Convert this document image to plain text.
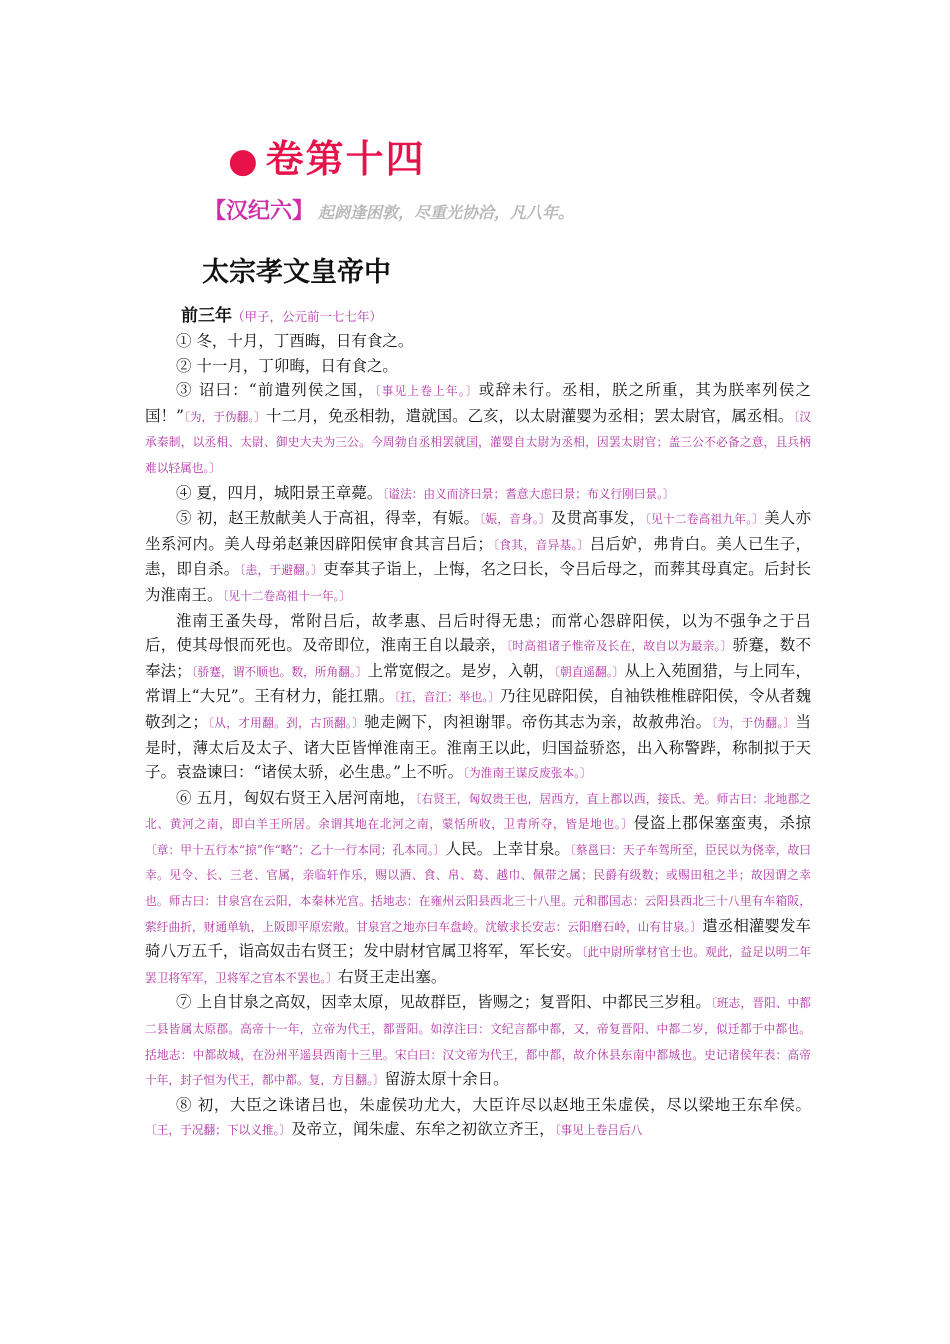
● 卷第十四
【汉纪六】 起阏逢困敦，尽重光协洽，凡八年。
太宗孝文皇帝中
前三年（甲子，公元前一七七年）

① 冬，十月，丁酉晦，日有食之。

② 十一月，丁卯晦，日有食之。

③ 诏曰：“前遣列侯之国，〔事见上卷上年。〕或辞未行。丞相，朕之所重，其为朕率列侯之国！”〔为，于伪翻。〕十二月，免丞相勃，遣就国。乙亥，以太尉灌婴为丞相；罢太尉官，属丞相。〔汉承秦制，以丞相、太尉、御史大夫为三公。今周勃自丞相罢就国，灌婴自太尉为丞相，因罢太尉官；盖三公不必备之意，且兵柄难以轻属也。〕

④ 夏，四月，城阳景王章薨。〔谥法：由义而济曰景；耆意大虑曰景；布义行刚曰景。〕

⑤ 初，赵王敖献美人于高祖，得幸，有娠。〔娠，音身。〕及贯高事发，〔见十二卷高祖九年。〕美人亦坐系河内。美人母弟赵兼因辟阳侯审食其言吕后；〔食其，音异基。〕吕后妒，弗肯白。美人已生子，恚，即自杀。〔恚，于避翻。〕吏奉其子诣上，上悔，名之曰长，令吕后母之，而葬其母真定。后封长为淮南王。〔见十二卷高祖十一年。〕

淮南王蚤失母，常附吕后，故孝惠、吕后时得无患；而常心怨辟阳侯，以为不强争之于吕后，使其母恨而死也。及帝即位，淮南王自以最亲，〔时高祖诸子惟帝及长在，故自以为最亲。〕骄蹇，数不奉法；〔骄蹇，谓不顺也。数，所角翻。〕上常宽假之。是岁，入朝，〔朝直遥翻。〕从上入苑囿猎，与上同车，常谓上“大兄”。王有材力，能扛鼎。〔扛，音江；举也。〕乃往见辟阳侯，自袖铁椎椎辟阳侯，令从者魏敬刭之；〔从，才用翻。刭，古顶翻。〕驰走阙下，肉袒谢罪。帝伤其志为亲，故赦弗治。〔为，于伪翻。〕当是时，薄太后及太子、诸大臣皆惮淮南王。淮南王以此，归国益骄恣，出入称警跸，称制拟于天子。袁盎谏曰：“诸侯太骄，必生患。”上不听。〔为淮南王谋反废张本。〕

⑥ 五月，匈奴右贤王入居河南地，〔右贤王，匈奴贵王也，居西方，直上郡以西，接氐、羌。师古曰：北地郡之北、黄河之南，即白羊王所居。余谓其地在北河之南，蒙恬所收，卫青所夺，皆是地也。〕侵盗上郡保塞蛮夷，杀掠〔章：甲十五行本“掠”作“略”；乙十一行本同；孔本同。〕人民。上幸甘泉。〔蔡邕曰：天子车驾所至，臣民以为侥幸，故曰幸。见令、长、三老、官属，亲临轩作乐，赐以酒、食、帛、葛、越巾、佩带之属；民爵有级数；或赐田租之半；故因谓之幸也。师古曰：甘泉宫在云阳，本秦林光宫。括地志：在雍州云阳县西北三十八里。元和郡国志：云阳县西北三十八里有车箱阪，萦纡曲折，财通单轨，上阪即平原宏敞。甘泉宫之地亦曰车盘岭。沈敏求长安志：云阳磨石岭，山有甘泉。〕遣丞相灌婴发车骑八万五千，诣高奴击右贤王；发中尉材官属卫将军，军长安。〔此中尉所掌材官士也。观此，益足以明二年罢卫将军军，卫将军之官本不罢也。〕右贤王走出塞。

⑦ 上自甘泉之高奴，因幸太原，见故群臣，皆赐之；复晋阳、中都民三岁租。〔班志，晋阳、中都二县皆属太原郡。高帝十一年，立帝为代王，都晋阳。如淳注曰：文纪言都中都，又，帝复晋阳、中都二岁，似迁都于中都也。括地志：中都故城，在汾州平遥县西南十三里。宋白曰：汉文帝为代王，都中都，故介休县东南中都城也。史记诸侯年表：高帝十年，封子恒为代王，都中都。复，方目翻。〕留游太原十余日。

⑧ 初，大臣之诛诸吕也，朱虚侯功尤大，大臣许尽以赵地王朱虚侯，尽以梁地王东牟侯。〔王，于况翻；下以义推。〕及帝立，闻朱虚、东牟之初欲立齐王，〔事见上卷吕后八
